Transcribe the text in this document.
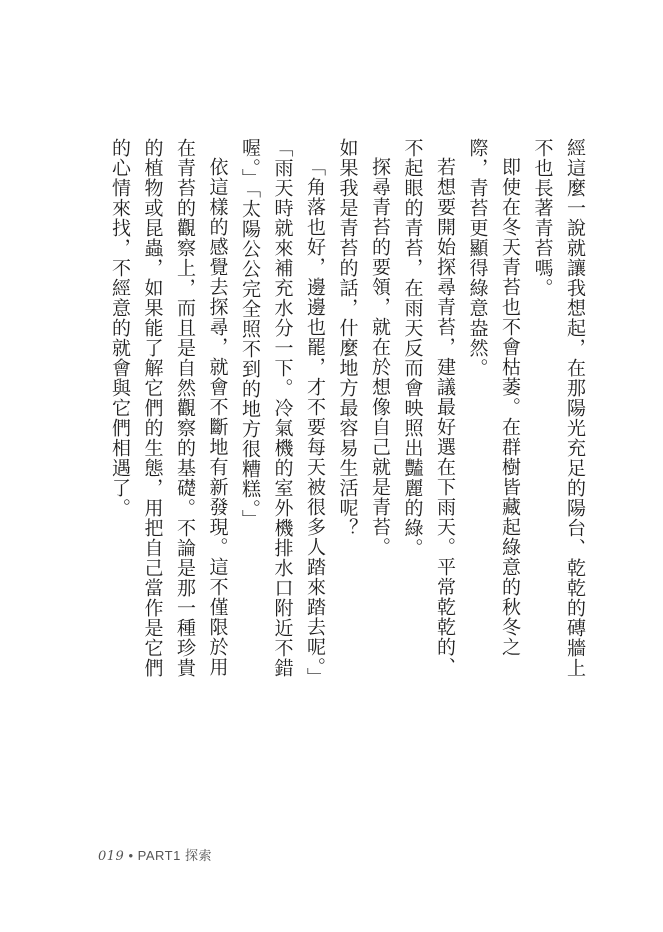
經這麼一說就讓我想起，在那陽光充足的陽台、乾乾的磚牆上不也長著青苔嗎。

即使在冬天青苔也不會枯萎。在群樹皆藏起綠意的秋冬之際，青苔更顯得綠意盎然。

若想要開始探尋青苔，建議最好選在下雨天。平常乾乾的、不起眼的青苔，在雨天反而會映照出豔麗的綠。

探尋青苔的要領，就在於想像自己就是青苔。

如果我是青苔的話，什麼地方最容易生活呢？

「角落也好，邊邊也罷，才不要每天被很多人踏來踏去呢。」「雨天時就來補充水分一下。冷氣機的室外機排水口附近不錯喔。」「太陽公公完全照不到的地方很糟糕。」

依這樣的感覺去探尋，就會不斷地有新發現。這不僅限於用在青苔的觀察上，而且是自然觀察的基礎。不論是那一種珍貴的植物或昆蟲，如果能了解它們的生態，用把自己當作是它們的心情來找，不經意的就會與它們相遇了。

019 • PART1 探索
